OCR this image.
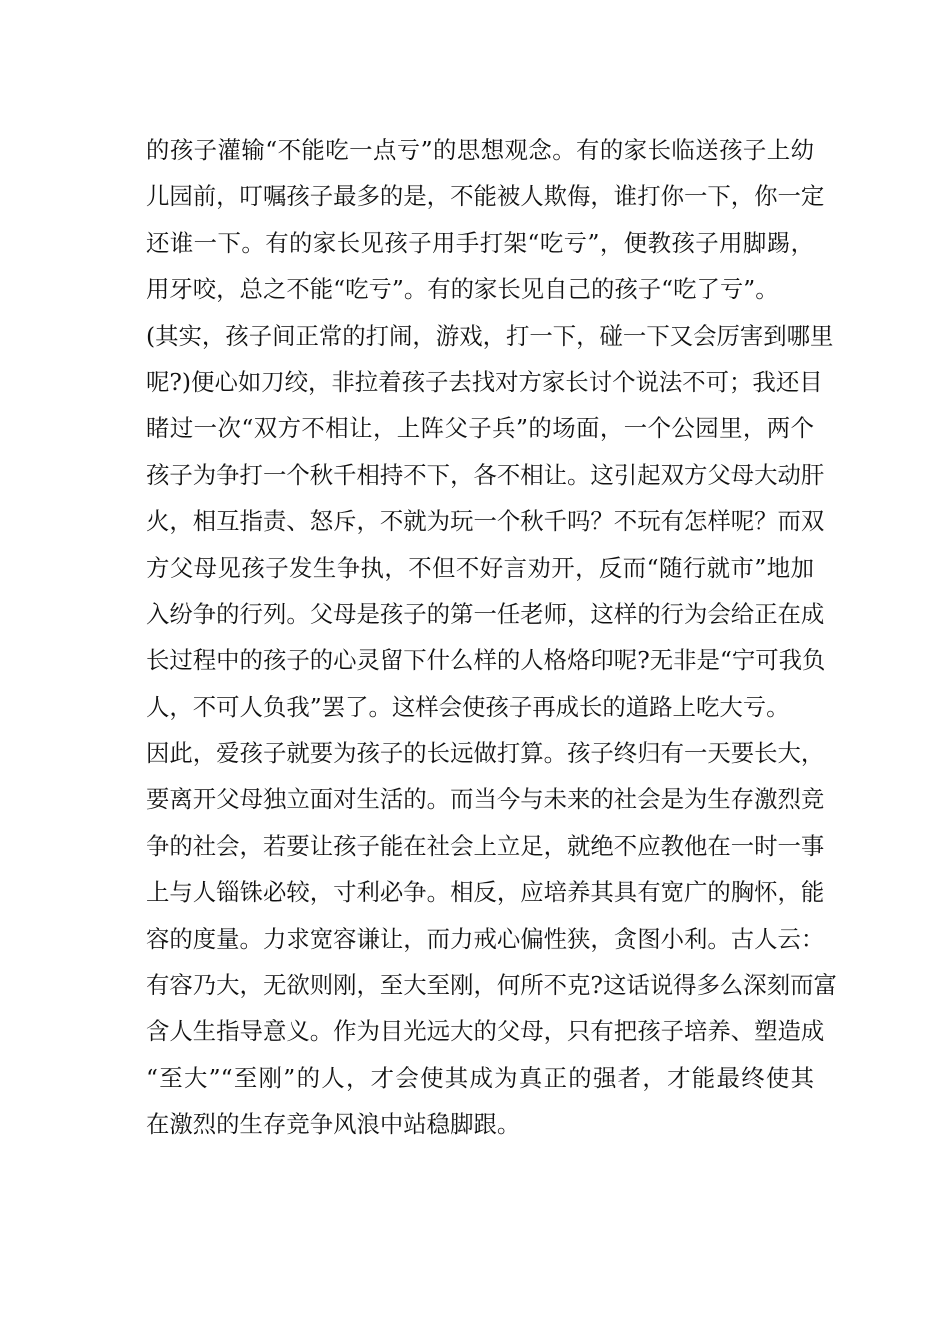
的孩子灌输“不能吃一点亏”的思想观念。有的家长临送孩子上幼
儿园前，叮嘱孩子最多的是，不能被人欺侮，谁打你一下，你一定
还谁一下。有的家长见孩子用手打架“吃亏”，便教孩子用脚踢，
用牙咬，总之不能“吃亏”。有的家长见自己的孩子“吃了亏”。
(其实，孩子间正常的打闹，游戏，打一下，碰一下又会厉害到哪里
呢?)便心如刀绞，非拉着孩子去找对方家长讨个说法不可；我还目
睹过一次“双方不相让，上阵父子兵”的场面，一个公园里，两个
孩子为争打一个秋千相持不下，各不相让。这引起双方父母大动肝
火，相互指责、怒斥，不就为玩一个秋千吗？不玩有怎样呢？而双
方父母见孩子发生争执，不但不好言劝开，反而“随行就市”地加
入纷争的行列。父母是孩子的第一任老师，这样的行为会给正在成
长过程中的孩子的心灵留下什么样的人格烙印呢?无非是“宁可我负
人，不可人负我”罢了。这样会使孩子再成长的道路上吃大亏。
因此，爱孩子就要为孩子的长远做打算。孩子终归有一天要长大，
要离开父母独立面对生活的。而当今与未来的社会是为生存激烈竞
争的社会，若要让孩子能在社会上立足，就绝不应教他在一时一事
上与人锱铢必较，寸利必争。相反，应培养其具有宽广的胸怀，能
容的度量。力求宽容谦让，而力戒心偏性狭，贪图小利。古人云：
有容乃大，无欲则刚，至大至刚，何所不克?这话说得多么深刻而富
含人生指导意义。作为目光远大的父母，只有把孩子培养、塑造成
“至大”“至刚”的人，才会使其成为真正的强者，才能最终使其
在激烈的生存竞争风浪中站稳脚跟。
